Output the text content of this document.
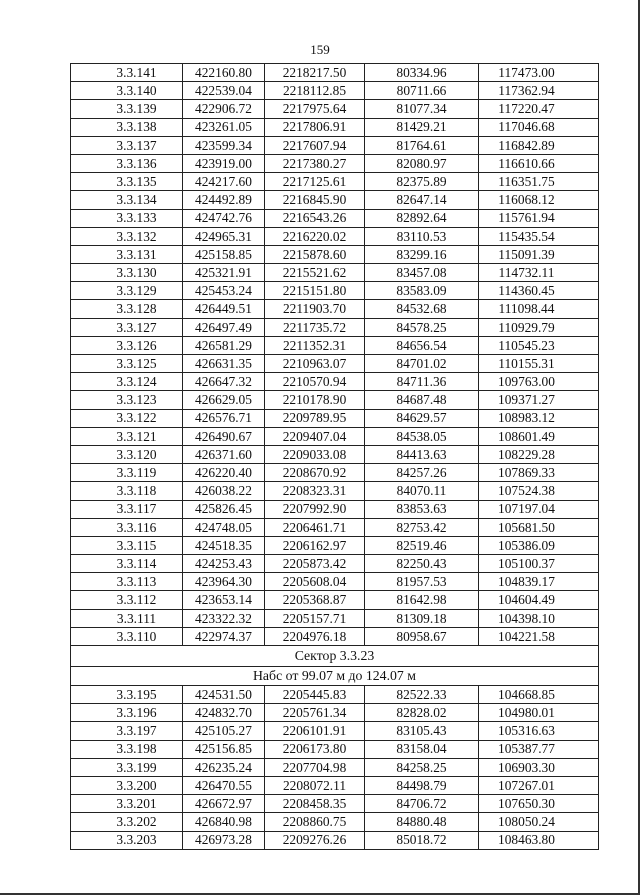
159
3.3.141	422160.80	2218217.50	80334.96	117473.00
3.3.140	422539.04	2218112.85	80711.66	117362.94
3.3.139	422906.72	2217975.64	81077.34	117220.47
3.3.138	423261.05	2217806.91	81429.21	117046.68
3.3.137	423599.34	2217607.94	81764.61	116842.89
3.3.136	423919.00	2217380.27	82080.97	116610.66
3.3.135	424217.60	2217125.61	82375.89	116351.75
3.3.134	424492.89	2216845.90	82647.14	116068.12
3.3.133	424742.76	2216543.26	82892.64	115761.94
3.3.132	424965.31	2216220.02	83110.53	115435.54
3.3.131	425158.85	2215878.60	83299.16	115091.39
3.3.130	425321.91	2215521.62	83457.08	114732.11
3.3.129	425453.24	2215151.80	83583.09	114360.45
3.3.128	426449.51	2211903.70	84532.68	111098.44
3.3.127	426497.49	2211735.72	84578.25	110929.79
3.3.126	426581.29	2211352.31	84656.54	110545.23
3.3.125	426631.35	2210963.07	84701.02	110155.31
3.3.124	426647.32	2210570.94	84711.36	109763.00
3.3.123	426629.05	2210178.90	84687.48	109371.27
3.3.122	426576.71	2209789.95	84629.57	108983.12
3.3.121	426490.67	2209407.04	84538.05	108601.49
3.3.120	426371.60	2209033.08	84413.63	108229.28
3.3.119	426220.40	2208670.92	84257.26	107869.33
3.3.118	426038.22	2208323.31	84070.11	107524.38
3.3.117	425826.45	2207992.90	83853.63	107197.04
3.3.116	424748.05	2206461.71	82753.42	105681.50
3.3.115	424518.35	2206162.97	82519.46	105386.09
3.3.114	424253.43	2205873.42	82250.43	105100.37
3.3.113	423964.30	2205608.04	81957.53	104839.17
3.3.112	423653.14	2205368.87	81642.98	104604.49
3.3.111	423322.32	2205157.71	81309.18	104398.10
3.3.110	422974.37	2204976.18	80958.67	104221.58
Сектор 3.3.23				
Набс от 99.07 м до 124.07 м				
3.3.195	424531.50	2205445.83	82522.33	104668.85
3.3.196	424832.70	2205761.34	82828.02	104980.01
3.3.197	425105.27	2206101.91	83105.43	105316.63
3.3.198	425156.85	2206173.80	83158.04	105387.77
3.3.199	426235.24	2207704.98	84258.25	106903.30
3.3.200	426470.55	2208072.11	84498.79	107267.01
3.3.201	426672.97	2208458.35	84706.72	107650.30
3.3.202	426840.98	2208860.75	84880.48	108050.24
3.3.203	426973.28	2209276.26	85018.72	108463.80
